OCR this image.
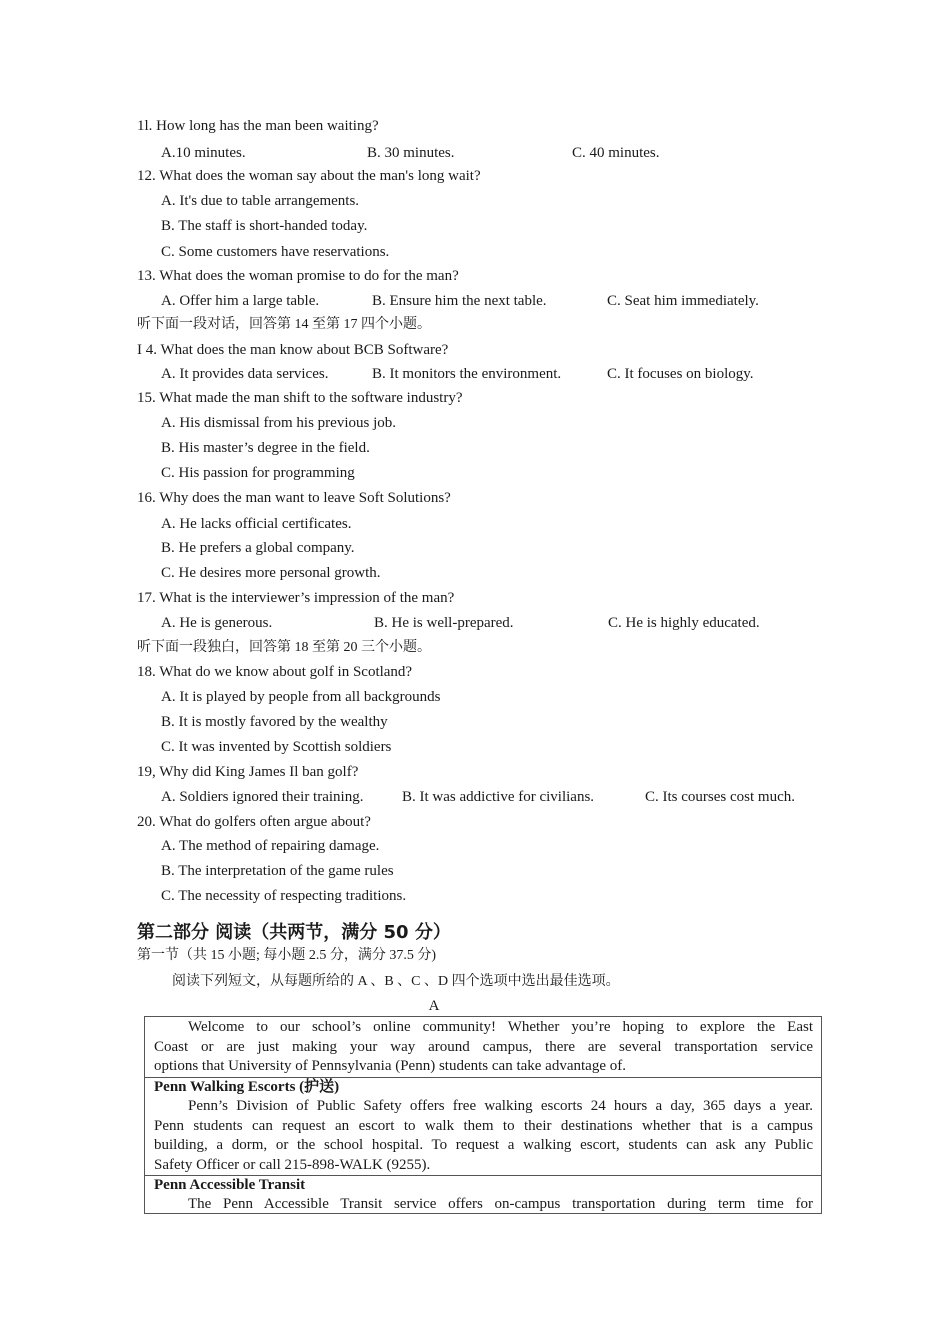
1l. How long has the man been waiting?
A.10 minutes.	B. 30 minutes.	C. 40 minutes.
12. What does the woman say about the man's long wait?
A. It's due to table arrangements.
B. The staff is short-handed today.
C. Some customers have reservations.
13. What does the woman promise to do for the man?
A. Offer him a large table.	B. Ensure him the next table.	C. Seat him immediately.
听下面一段对话，回答第 14 至第 17 四个小题。
I 4. What does the man know about BCB Software?
A. It provides data services.	B. It monitors the environment.	C. It focuses on biology.
15. What made the man shift to the software industry?
A. His dismissal from his previous job.
B. His master’s degree in the field.
C. His passion for programming
16. Why does the man want to leave Soft Solutions?
A. He lacks official certificates.
B. He prefers a global company.
C. He desires more personal growth.
17. What is the interviewer’s impression of the man?
A. He is generous.	B. He is well-prepared.	C. He is highly educated.
听下面一段独白，回答第 18 至第 20 三个小题。
18. What do we know about golf in Scotland?
A. It is played by people from all backgrounds
B. It is mostly favored by the wealthy
C. It was invented by Scottish soldiers
19, Why did King James Il ban golf?
A. Soldiers ignored their training.	B. It was addictive for civilians.	C. Its courses cost much.
20. What do golfers often argue about?
A. The method of repairing damage.
B. The interpretation of the game rules
C. The necessity of respecting traditions.
第二部分 阅读（共两节，满分 50 分）
第一节（共 15 小题; 每小题 2.5 分，满分 37.5 分)
阅读下列短文，从每题所给的 A 、B 、C 、D 四个选项中选出最佳选项。
A
Welcome to our school’s online community! Whether you’re hoping to explore the East
Coast or are just making your way around campus, there are several transportation service
options that University of Pennsylvania (Penn) students can take advantage of.
Penn Walking Escorts (护送)
Penn’s Division of Public Safety offers free walking escorts 24 hours a day, 365 days a year.
Penn students can request an escort to walk them to their destinations whether that is a campus
building, a dorm, or the school hospital. To request a walking escort, students can ask any Public
Safety Officer or call 215-898-WALK (9255).
Penn Accessible Transit
The Penn Accessible Transit service offers on-campus transportation during term time for
